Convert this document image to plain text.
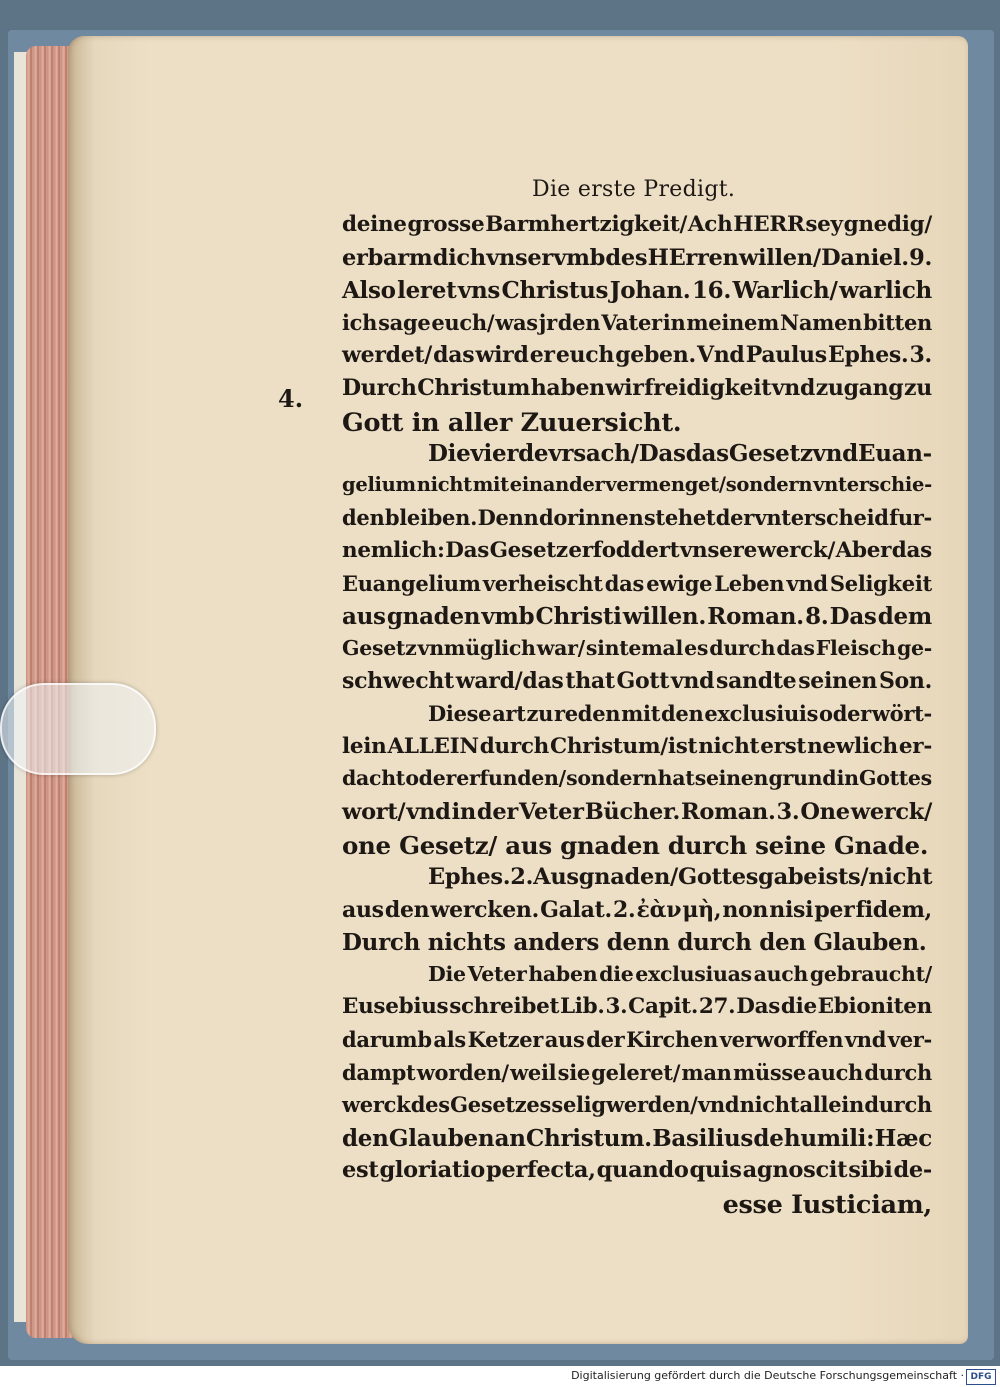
Die erste Predigt.
deine grosse Barmhertzigkeit/ Ach HERR sey gnedig/
erbarm dich vnser vmb des HErren willen/ Daniel. 9.
Also leret vns Christus Johan. 16. Warlich/ warlich
ich sage euch/ was jr den Vater in meinem Namen bitten
werdet/ das wird er euch geben. Vnd Paulus Ephes. 3.
Durch Christum haben wir freidigkeit vnd zugang zu
Gott in aller Zuuersicht.
Die vierde vrsach/ Das das Gesetz vnd Euan-
gelium nicht mit einander vermenget/sondern vnterschie-
den bleiben. Denn dorinnen stehet der vnterscheid fur-
nemlich: Das Gesetz erfoddert vnsere werck/ Aber das
Euangelium verheischt das ewige Leben vnd Seligkeit
aus gnaden vmb Christi willen. Roman. 8. Das dem
Gesetz vnmüglich war/ sintemal es durch das Fleisch ge-
schwecht ward/das that Gott vnd sandte seinen Son.
Diese art zu reden mit den exclusiuis oder wört-
lein ALLEIN durch Christum/ist nicht erst newlich er-
dacht oder erfunden/ sondern hat seinen grund in Gottes
wort/ vnd in der Veter Bücher. Roman. 3. One werck/
one Gesetz/ aus gnaden durch seine Gnade.
Ephes. 2. Aus gnaden/ Gottes gabe ists/ nicht
aus den wercken. Galat. 2. ἐὰν μὴ, non nisi per fidem,
Durch nichts anders denn durch den Glauben.
Die Veter haben die exclusiuas auch gebraucht/
Eusebius schreibet Lib. 3. Capit. 27. Das die Ebioniten
darumb als Ketzer aus der Kirchen verworffen vnd ver-
dampt worden/ weil sie geleret/ man müsse auch durch
werck des Gesetzes selig werden/ vnd nicht allein durch
den Glauben an Christum. Basilius de humili: Hæc
est gloriatio perfecta, quando quis agnoscit sibi de-
esse Iusticiam,
4.
Digitalisierung gefördert durch die Deutsche Forschungsgemeinschaft · DFG
